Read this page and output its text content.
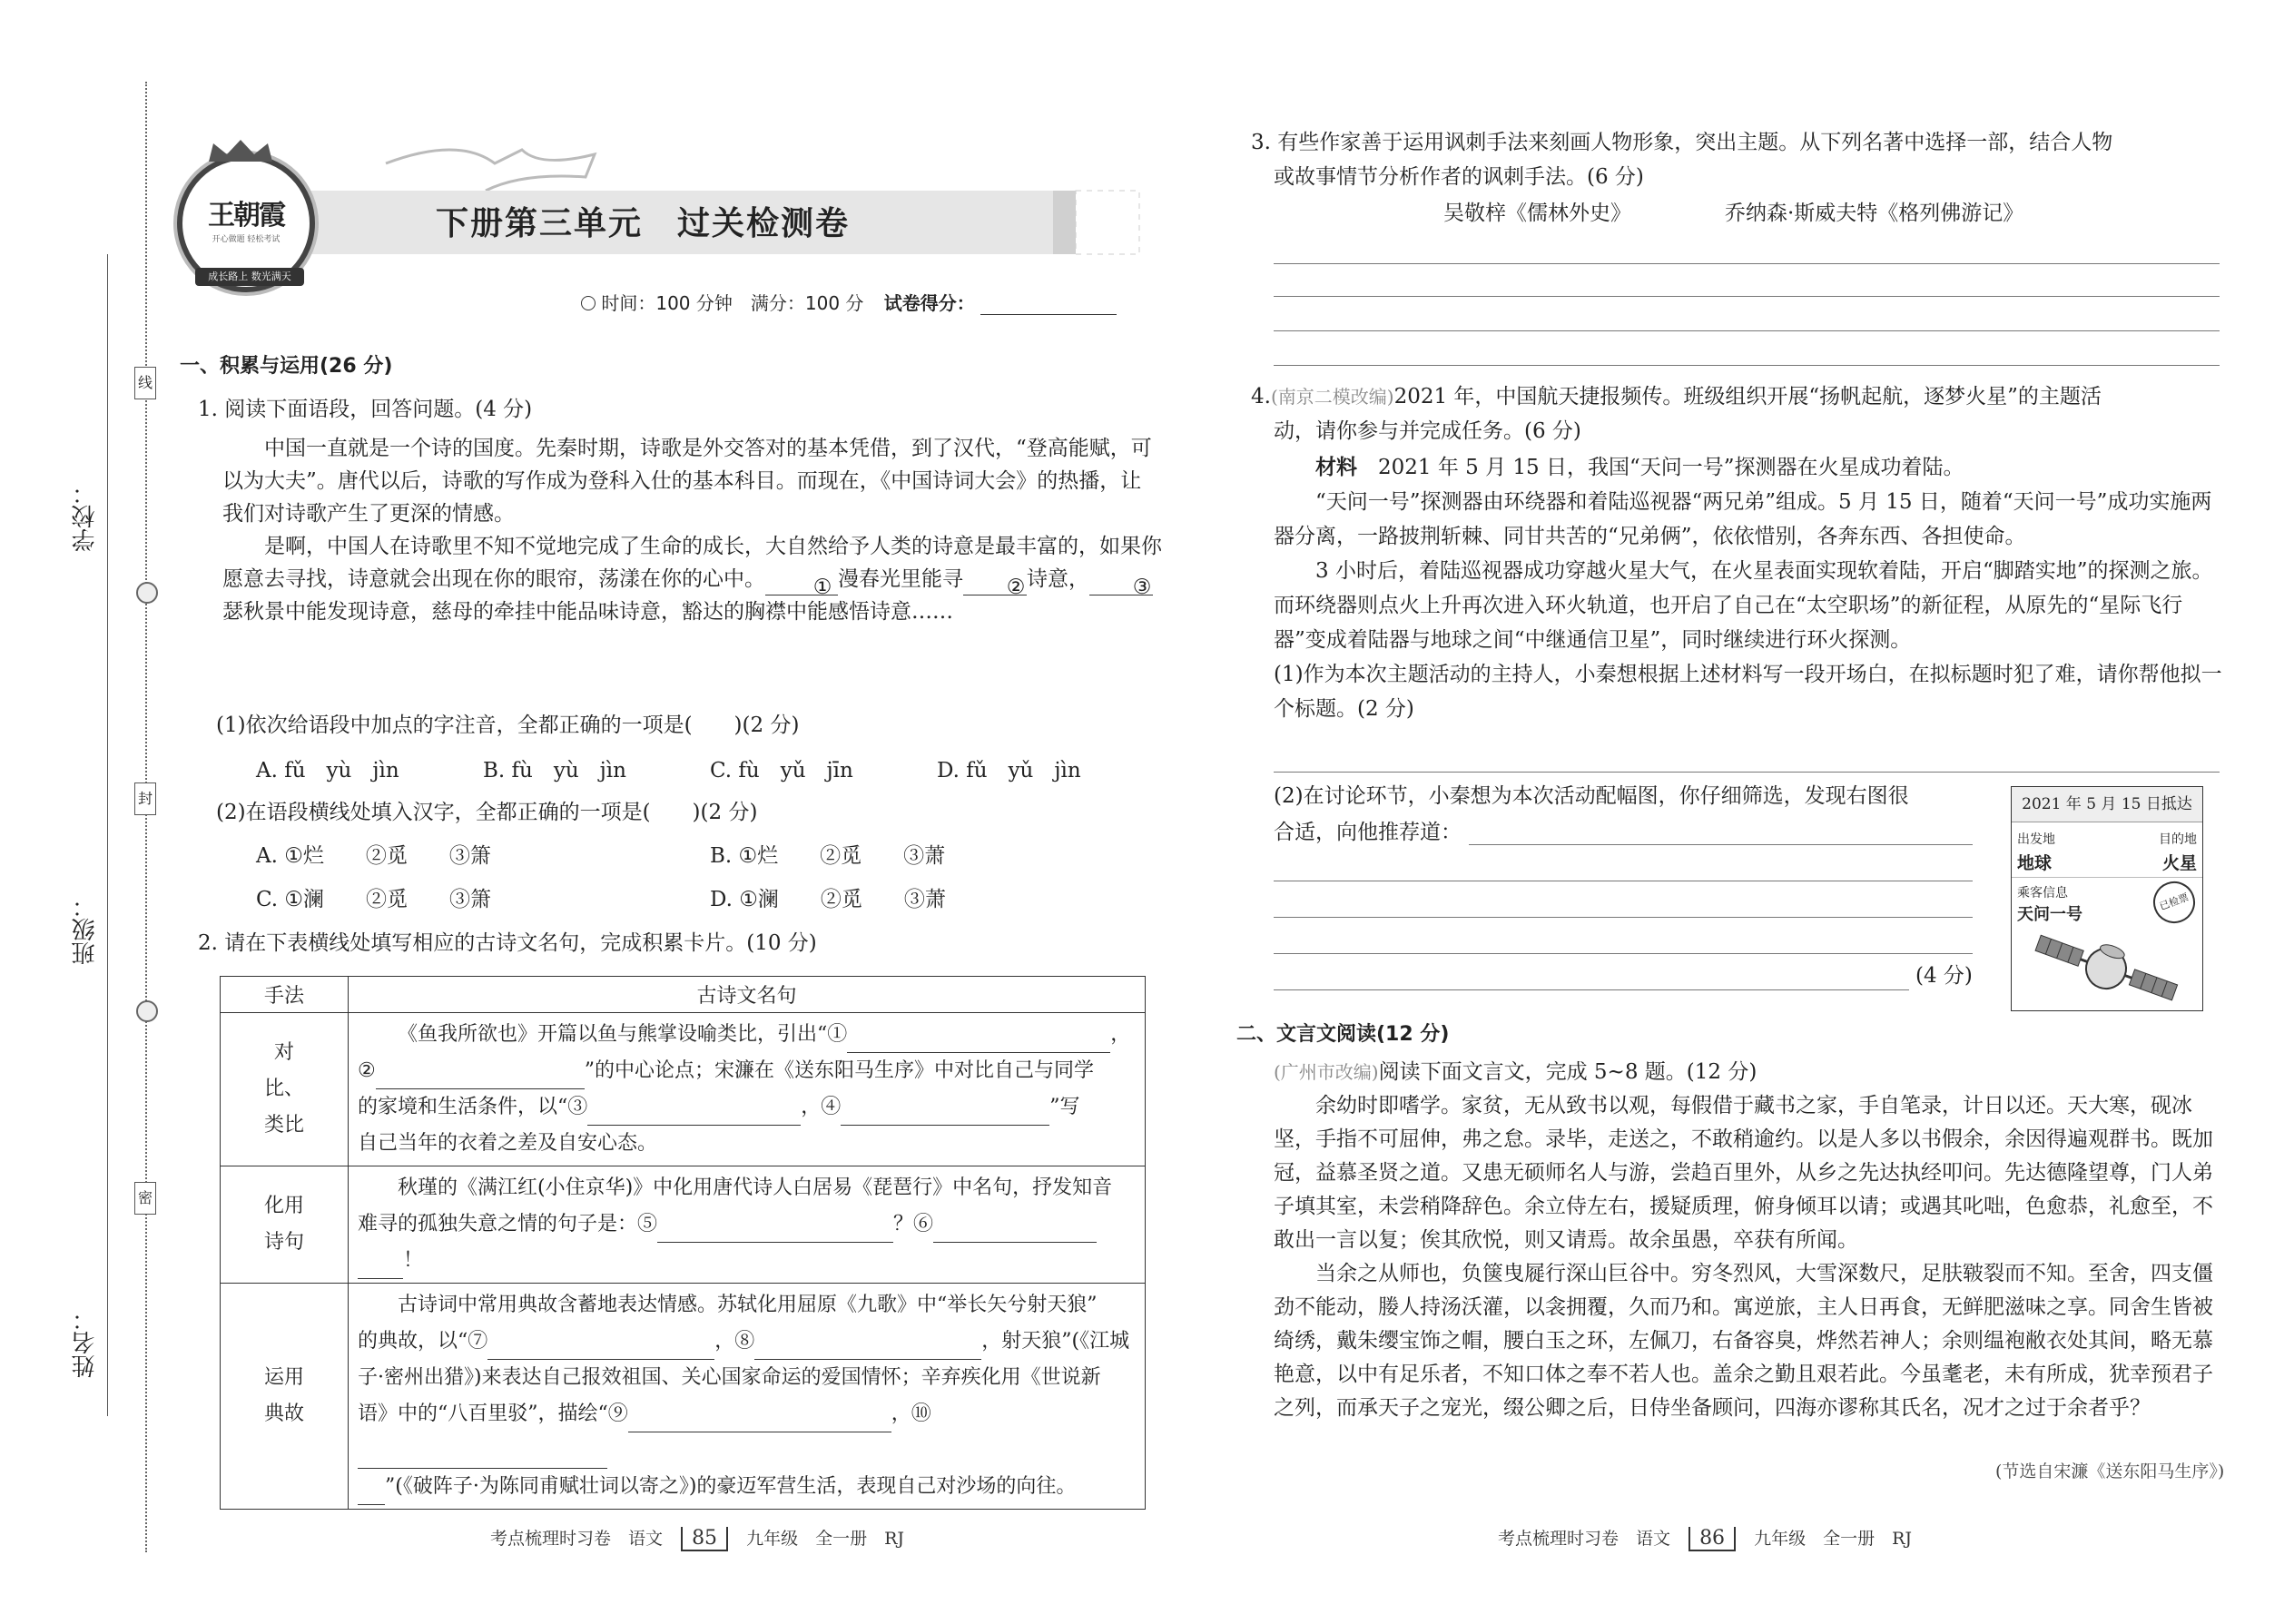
学校：
班级：
姓名：
线
封
密
王朝霞
开心做题 轻松考试
成长路上 数光满天
下册第三单元　过关检测卷
时间：100 分钟　满分：100 分 试卷得分：
一、积累与运用(26 分)
1. 阅读下面语段，回答问题。(4 分)

中国一直就是一个诗的国度。先秦时期，诗歌是外交答对的基本凭借，到了汉代，“登高能赋，可以为大夫”。唐代以后，诗歌的写作成为登科入仕的基本科目。而现在，《中国诗词大会》的热播，让我们对诗歌产生了更深的情感。

是啊，中国人在诗歌里不知不觉地完成了生命的成长，大自然给予人类的诗意是最丰富的，如果你愿意去寻找，诗意就会出现在你的眼帘，荡漾在你的心中。 ① 漫春光里能寻 ②诗意， ③瑟秋景中能发现诗意，慈母的牵挂中能品味诗意，豁达的胸襟中能感悟诗意……

(1)依次给语段中加点的字注音，全都正确的一项是(　　)(2 分)
A. fǔ　yù　jìn	B. fù　yù　jìn	C. fù　yǔ　jīn	D. fǔ　yǔ　jìn
(2)在语段横线处填入汉字，全都正确的一项是(　　)(2 分)
A. ①烂　　②觅　　③箫	B. ①烂　　②觅　　③萧
C. ①澜　　②觅　　③箫	D. ①澜　　②觅　　③萧
2. 请在下表横线处填写相应的古诗文名句，完成积累卡片。(10 分)
手法	古诗文名句
对比、类比	《鱼我所欲也》开篇以鱼与熊掌设喻类比，引出“① ，
② ”的中心论点；宋濂在《送东阳马生序》中对比自己与同学
的家境和生活条件，以“③ ，④ ”写
自己当年的衣着之差及自安心态。

化用诗句	秋瑾的《满江红(小住京华)》中化用唐代诗人白居易《琵琶行》中名句，抒发知音
难寻的孤独失意之情的句子是：⑤ ？⑥
！

运用典故	古诗词中常用典故含蓄地表达情感。苏轼化用屈原《九歌》中“举长矢兮射天狼”
的典故，以“⑦ ，⑧ ，射天狼”(《江城
子·密州出猎》)来表达自己报效祖国、关心国家命运的爱国情怀；辛弃疾化用《世说新
语》中的“八百里驳”，描绘“⑨ ，⑩
”(《破阵子·为陈同甫赋壮词以寄之》)的豪迈军营生活，表现自己对沙场的向往。
考点梳理时习卷　语文 85 九年级　全一册　RJ
3. 有些作家善于运用讽刺手法来刻画人物形象，突出主题。从下列名著中选择一部，结合人物
或故事情节分析作者的讽刺手法。(6 分)
吴敬梓《儒林外史》	乔纳森·斯威夫特《格列佛游记》
4.(南京二模改编)2021 年，中国航天捷报频传。班级组织开展“扬帆起航，逐梦火星”的主题活
动，请你参与并完成任务。(6 分)
材料　 2021 年 5 月 15 日，我国“天问一号”探测器在火星成功着陆。

“天问一号”探测器由环绕器和着陆巡视器“两兄弟”组成。5 月 15 日，随着“天问一号”成功实施两器分离，一路披荆斩棘、同甘共苦的“兄弟俩”，依依惜别，各奔东西、各担使命。

3 小时后，着陆巡视器成功穿越火星大气，在火星表面实现软着陆，开启“脚踏实地”的探测之旅。而环绕器则点火上升再次进入环火轨道，也开启了自己在“太空职场”的新征程，从原先的“星际飞行器”变成着陆器与地球之间“中继通信卫星”，同时继续进行环火探测。

(1)作为本次主题活动的主持人，小秦想根据上述材料写一段开场白，在拟标题时犯了难，请你帮他拟一个标题。(2 分)

(2)在讨论环节，小秦想为本次活动配幅图，你仔细筛选，发现右图很
合适，向他推荐道：
(4 分)
2021 年 5 月 15 日抵达
出发地	目的地
地球	火星
乘客信息
天问一号
已检票
二、文言文阅读(12 分)
(广州市改编)阅读下面文言文，完成 5~8 题。(12 分)

余幼时即嗜学。家贫，无从致书以观，每假借于藏书之家，手自笔录，计日以还。天大寒，砚冰坚，手指不可屈伸，弗之怠。录毕，走送之，不敢稍逾约。以是人多以书假余，余因得遍观群书。既加冠，益慕圣贤之道。又患无硕师名人与游，尝趋百里外，从乡之先达执经叩问。先达德隆望尊，门人弟子填其室，未尝稍降辞色。余立侍左右，援疑质理，俯身倾耳以请；或遇其叱咄，色愈恭，礼愈至，不敢出一言以复；俟其欣悦，则又请焉。故余虽愚，卒获有所闻。

当余之从师也，负箧曳屣行深山巨谷中。穷冬烈风，大雪深数尺，足肤皲裂而不知。至舍，四支僵劲不能动，媵人持汤沃灌，以衾拥覆，久而乃和。寓逆旅，主人日再食，无鲜肥滋味之享。同舍生皆被绮绣，戴朱缨宝饰之帽，腰白玉之环，左佩刀，右备容臭，烨然若神人；余则缊袍敝衣处其间，略无慕艳意，以中有足乐者，不知口体之奉不若人也。盖余之勤且艰若此。今虽耄老，未有所成，犹幸预君子之列，而承天子之宠光，缀公卿之后，日侍坐备顾问，四海亦谬称其氏名，况才之过于余者乎？

(节选自宋濂《送东阳马生序》)
考点梳理时习卷　语文 86 九年级　全一册　RJ
